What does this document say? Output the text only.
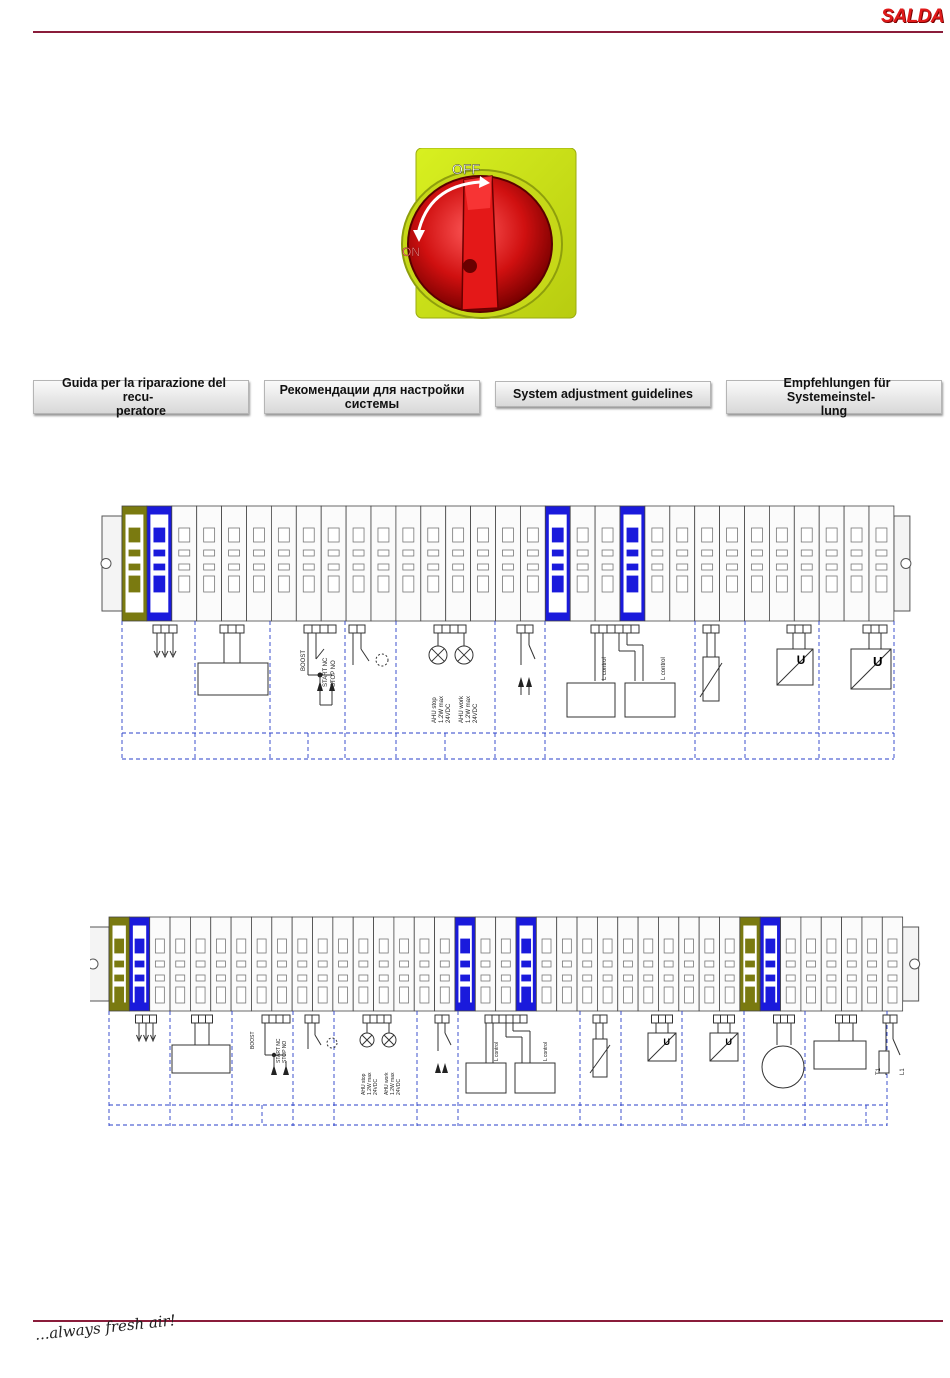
SALDA
OFF
ON
Guida per la riparazione del recu-
peratore
Рекомендации для настройки
системы
System adjustment guidelines
Empfehlungen für Systemeinstel-
lung
BOOST	START NC STOP NO
AHU stop 1.2W max 24VDC AHU work 1.2W max 24VDC
L control	L control	U	U
BOOST	START NC STOP NO
AHU stop 1.2W max 24VDC AHU work 1.2W max 24VDC
L control	L control
U	U
T1	L1
...always fresh air!
